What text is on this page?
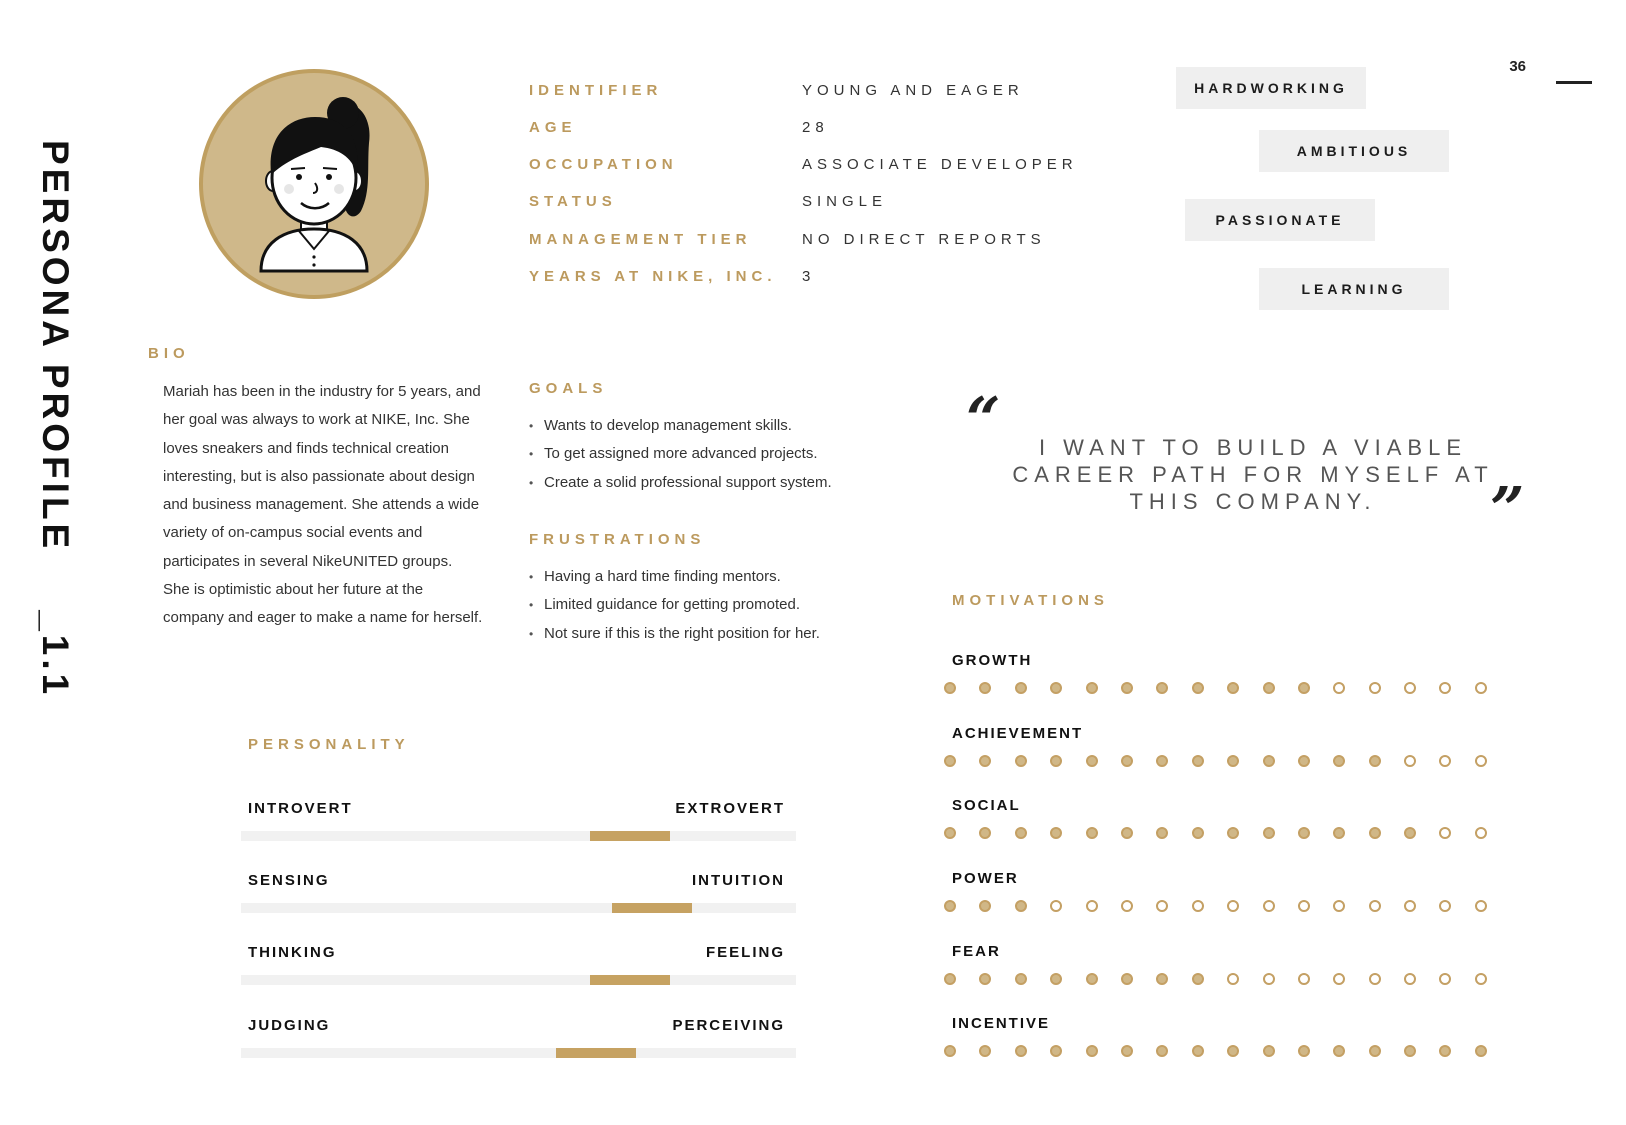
PERSONA PROFILE_1.1
36
IDENTIFIER	YOUNG AND EAGER
AGE	28
OCCUPATION	ASSOCIATE DEVELOPER
STATUS	SINGLE
MANAGEMENT TIER	NO DIRECT REPORTS
YEARS AT NIKE, INC. 3
HARDWORKING
AMBITIOUS
PASSIONATE
LEARNING
BIO
Mariah has been in the industry for 5 years, and her goal was always to work at NIKE, Inc. She loves sneakers and finds technical creation interesting, but is also passionate about design and business management. She attends a wide variety of on-campus social events and participates in several NikeUNITED groups. She is optimistic about her future at the company and eager to make a name for herself.
GOALS
• Wants to develop management skills.
• To get assigned more advanced projects.
• Create a solid professional support system.
FRUSTRATIONS
• Having a hard time finding mentors.
• Limited guidance for getting promoted.
• Not sure if this is the right position for her.
“	I WANT TO BUILD A VIABLE CAREER PATH FOR MYSELF AT THIS COMPANY.	”
MOTIVATIONS
GROWTH
ACHIEVEMENT
SOCIAL
POWER
FEAR
INCENTIVE
PERSONALITY
INTROVERT	EXTROVERT
SENSING	INTUITION
THINKING	FEELING
JUDGING	PERCEIVING
